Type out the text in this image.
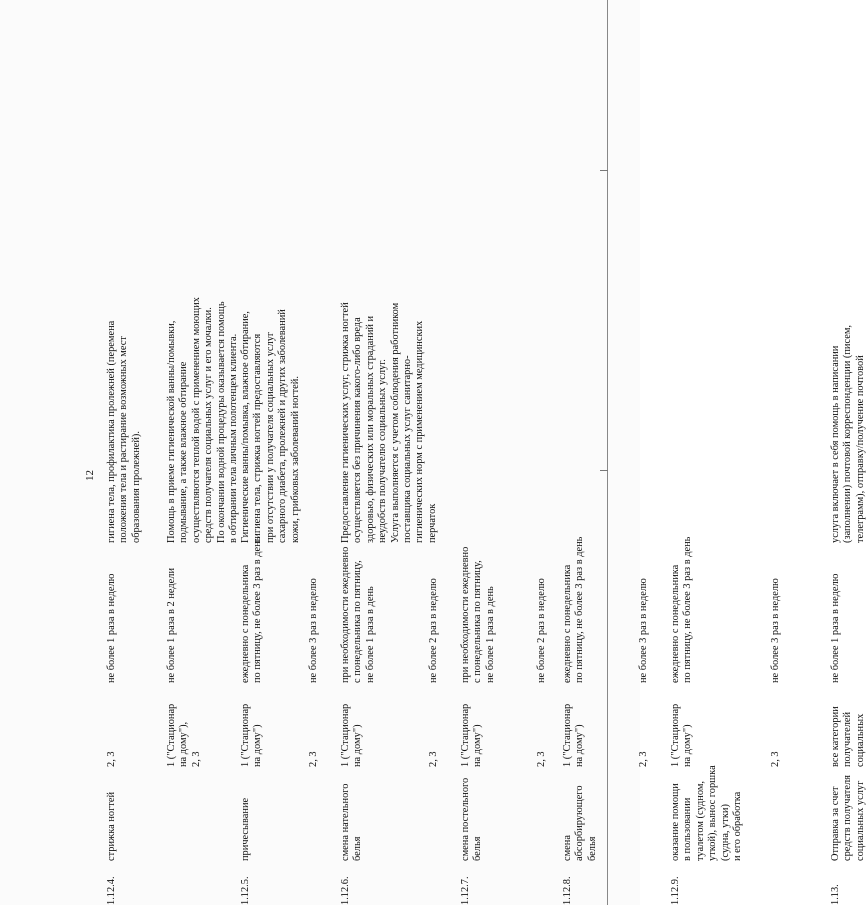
12
1.12.4.
стрижка ногтей
2, 3
не более 1 раза в неделю
гигиена тела, профилактика пролежней (перемена положения тела и растирание возможных мест образования пролежней).
1 ("Стационар на дому"), 2, 3
не более 1 раза в 2 недели
Помощь в приеме гигиенической ванны/помывки, подмывание, а также влажное обтирание осуществляются теплой водой с применением моющих средств получателя социальных услуг и его мочалки. По окончании водной процедуры оказывается помощь в обтирании тела личным полотенцем клиента.
1.12.5.
причесывание
1 ("Стационар на дому")
ежедневно с понедельника по пятницу, не более 3 раз в день
Гигиенические ванны/помывка, влажное обтирание, гигиена тела, стрижка ногтей предоставляются при отсутствии у получателя социальных услуг сахарного диабета, пролежней и других заболеваний кожи, грибковых заболеваний ногтей.
2, 3
не более 3 раз в неделю
1.12.6.
смена нательного белья
1 ("Стационар на дому")
при необходимости ежедневно с понедельника по пятницу, не более 1 раза в день
Предоставление гигиенических услуг, стрижка ногтей осуществляется без причинения какого-либо вреда здоровью, физических или моральных страданий и неудобств получателю социальных услуг. Услуга выполняется с учетом соблюдения работником поставщика социальных услуг санитарно- гигиенических норм с применением медицинских перчаток
2, 3
не более 2 раз в неделю
1.12.7.
смена постельного белья
1 ("Стационар на дому")
при необходимости ежедневно с понедельника по пятницу, не более 1 раза в день
2, 3
не более 2 раз в неделю
1.12.8.
смена абсорбирующего белья
1 ("Стационар на дому")
ежедневно с понедельника по пятницу, не более 3 раз в день
2, 3
не более 3 раз в неделю
1.12.9.
оказание помощи в пользовании туалетом (судном, уткой), вынос горшка (судна, утки) и его обработка
1 ("Стационар на дому")
ежедневно с понедельника по пятницу, не более 3 раз в день
2, 3
не более 3 раз в неделю
1.13.
Отправка за счет средств получателя социальных услуг
все категории получателей социальных
не более 1 раза в неделю
услуга включает в себя помощь в написании (заполнении) почтовой корреспонденции (писем, телеграмм), отправку/получение почтовой
